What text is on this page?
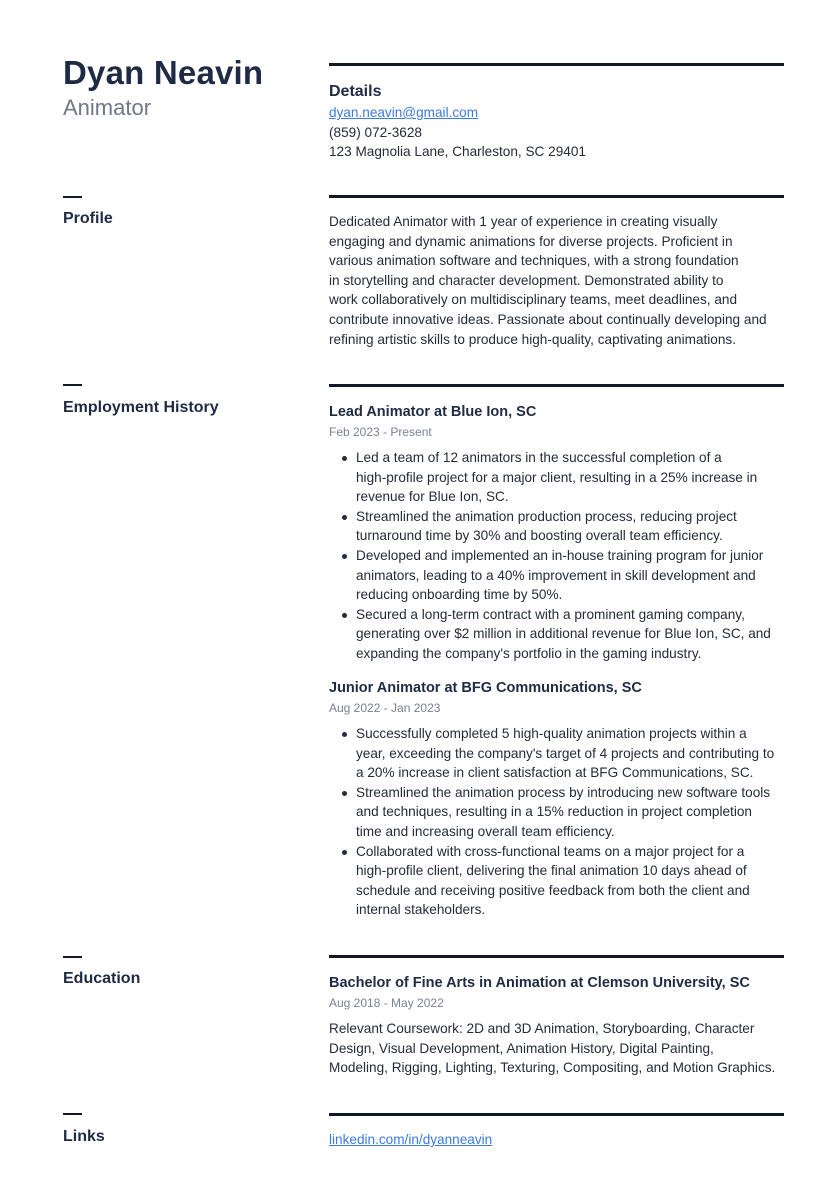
Dyan Neavin
Animator
Details
dyan.neavin@gmail.com
(859) 072-3628
123 Magnolia Lane, Charleston, SC 29401
Profile	Dedicated Animator with 1 year of experience in creating visually
engaging and dynamic animations for diverse projects. Proficient in
various animation software and techniques, with a strong foundation
in storytelling and character development. Demonstrated ability to
work collaboratively on multidisciplinary teams, meet deadlines, and
contribute innovative ideas. Passionate about continually developing and
refining artistic skills to produce high-quality, captivating animations.
Employment History	Lead Animator at Blue Ion, SC
Feb 2023 - Present
Led a team of 12 animators in the successful completion of a
high-profile project for a major client, resulting in a 25% increase in
revenue for Blue Ion, SC.
Streamlined the animation production process, reducing project
turnaround time by 30% and boosting overall team efficiency.
Developed and implemented an in-house training program for junior
animators, leading to a 40% improvement in skill development and
reducing onboarding time by 50%.
Secured a long-term contract with a prominent gaming company,
generating over $2 million in additional revenue for Blue Ion, SC, and
expanding the company's portfolio in the gaming industry.
Junior Animator at BFG Communications, SC
Aug 2022 - Jan 2023
Successfully completed 5 high-quality animation projects within a
year, exceeding the company's target of 4 projects and contributing to
a 20% increase in client satisfaction at BFG Communications, SC.
Streamlined the animation process by introducing new software tools
and techniques, resulting in a 15% reduction in project completion
time and increasing overall team efficiency.
Collaborated with cross-functional teams on a major project for a
high-profile client, delivering the final animation 10 days ahead of
schedule and receiving positive feedback from both the client and
internal stakeholders.
Education	Bachelor of Fine Arts in Animation at Clemson University, SC
Aug 2018 - May 2022
Relevant Coursework: 2D and 3D Animation, Storyboarding, Character
Design, Visual Development, Animation History, Digital Painting,
Modeling, Rigging, Lighting, Texturing, Compositing, and Motion Graphics.
Links	linkedin.com/in/dyanneavin
